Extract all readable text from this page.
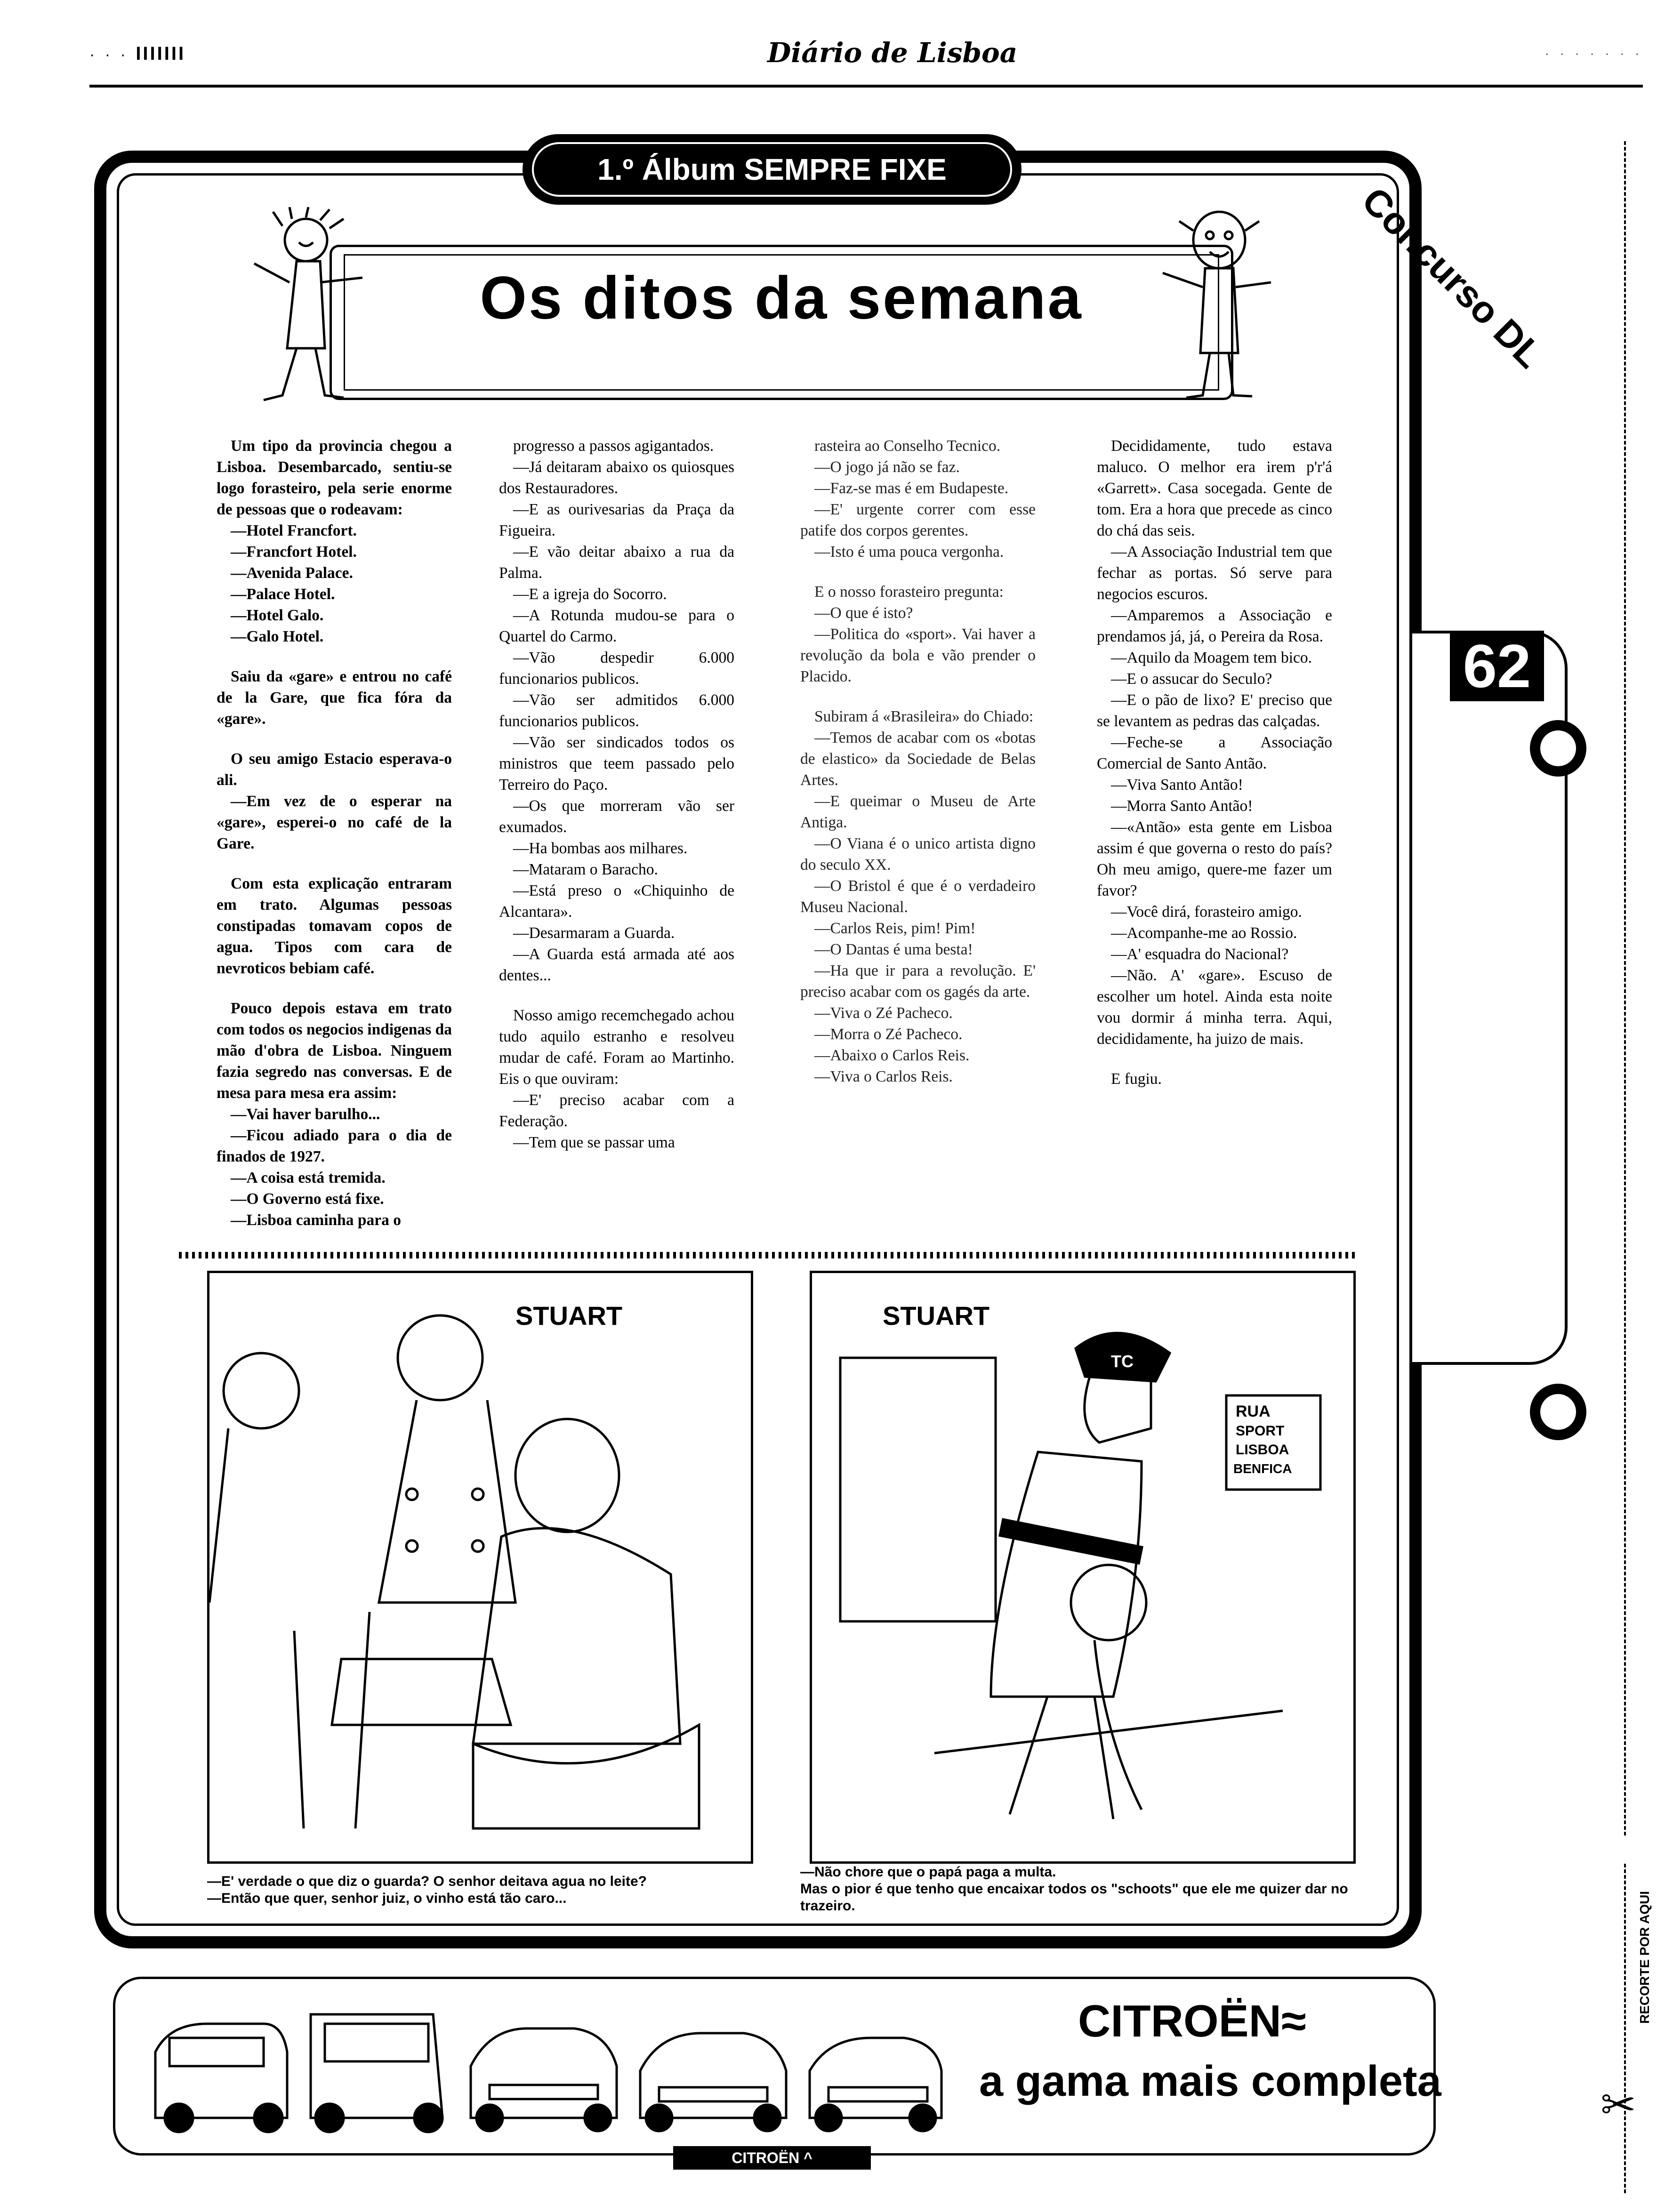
· · · IIIIIII	Diário de Lisboa	· · · · · · ·
62
1.º Álbum SEMPRE FIXE
Concurso DL
Os ditos da semana

Um tipo da provincia chegou a Lisboa. Desembarcado, sentiu-se logo forasteiro, pela serie enorme de pessoas que o rodeavam:

—Hotel Francfort.

—Francfort Hotel.

—Avenida Palace.

—Palace Hotel.

—Hotel Galo.

—Galo Hotel.

Saiu da «gare» e entrou no café de la Gare, que fica fóra da «gare».

O seu amigo Estacio esperava-o ali.

—Em vez de o esperar na «gare», esperei-o no café de la Gare.

Com esta explicação entraram em trato. Algumas pessoas constipadas tomavam copos de agua. Tipos com cara de nevroticos bebiam café.

Pouco depois estava em trato com todos os negocios indigenas da mão d'obra de Lisboa. Ninguem fazia segredo nas conversas. E de mesa para mesa era assim:

—Vai haver barulho...

—Ficou adiado para o dia de finados de 1927.

—A coisa está tremida.

—O Governo está fixe.

—Lisboa caminha para o

progresso a passos agigantados.

—Já deitaram abaixo os quiosques dos Restauradores.

—E as ourivesarias da Praça da Figueira.

—E vão deitar abaixo a rua da Palma.

—E a igreja do Socorro.

—A Rotunda mudou-se para o Quartel do Carmo.

—Vão despedir 6.000 funcionarios publicos.

—Vão ser admitidos 6.000 funcionarios publicos.

—Vão ser sindicados todos os ministros que teem passado pelo Terreiro do Paço.

—Os que morreram vão ser exumados.

—Ha bombas aos milhares.

—Mataram o Baracho.

—Está preso o «Chiquinho de Alcantara».

—Desarmaram a Guarda.

—A Guarda está armada até aos dentes...

Nosso amigo recemchegado achou tudo aquilo estranho e resolveu mudar de café. Foram ao Martinho. Eis o que ouviram:

—E' preciso acabar com a Federação.

—Tem que se passar uma

rasteira ao Conselho Tecnico.

—O jogo já não se faz.

—Faz-se mas é em Budapeste.

—E' urgente correr com esse patife dos corpos gerentes.

—Isto é uma pouca vergonha.

E o nosso forasteiro pregunta:

—O que é isto?

—Politica do «sport». Vai haver a revolução da bola e vão prender o Placido.

Subiram á «Brasileira» do Chiado:

—Temos de acabar com os «botas de elastico» da Sociedade de Belas Artes.

—E queimar o Museu de Arte Antiga.

—O Viana é o unico artista digno do seculo XX.

—O Bristol é que é o verdadeiro Museu Nacional.

—Carlos Reis, pim! Pim!

—O Dantas é uma besta!

—Ha que ir para a revolução. E' preciso acabar com os gagés da arte.

—Viva o Zé Pacheco.

—Morra o Zé Pacheco.

—Abaixo o Carlos Reis.

—Viva o Carlos Reis.

Decididamente, tudo estava maluco. O melhor era irem p'r'á «Garrett». Casa socegada. Gente de tom. Era a hora que precede as cinco do chá das seis.

—A Associação Industrial tem que fechar as portas. Só serve para negocios escuros.

—Amparemos a Associação e prendamos já, já, o Pereira da Rosa.

—Aquilo da Moagem tem bico.

—E o assucar do Seculo?

—E o pão de lixo? E' preciso que se levantem as pedras das calçadas.

—Feche-se a Associação Comercial de Santo Antão.

—Viva Santo Antão!

—Morra Santo Antão!

—«Antão» esta gente em Lisboa assim é que governa o resto do país? Oh meu amigo, quere-me fazer um favor?

—Você dirá, forasteiro amigo.

—Acompanhe-me ao Rossio.

—A' esquadra do Nacional?

—Não. A' «gare». Escuso de escolher um hotel. Ainda esta noite vou dormir á minha terra. Aqui, decididamente, ha juizo de mais.

E fugiu.

STUART	STUART
RUA
SPORT
LISBOA
BENFICA
TC
—E' verdade o que diz o guarda? O senhor deitava agua no leite?
—Então que quer, senhor juiz, o vinho está tão caro...
—Não chore que o papá paga a multa.
Mas o pior é que tenho que encaixar todos os "schoots" que ele me quizer dar no trazeiro.
CITROËN≈
a gama mais completa
CITROËN ^
RECORTE POR AQUI
✂
